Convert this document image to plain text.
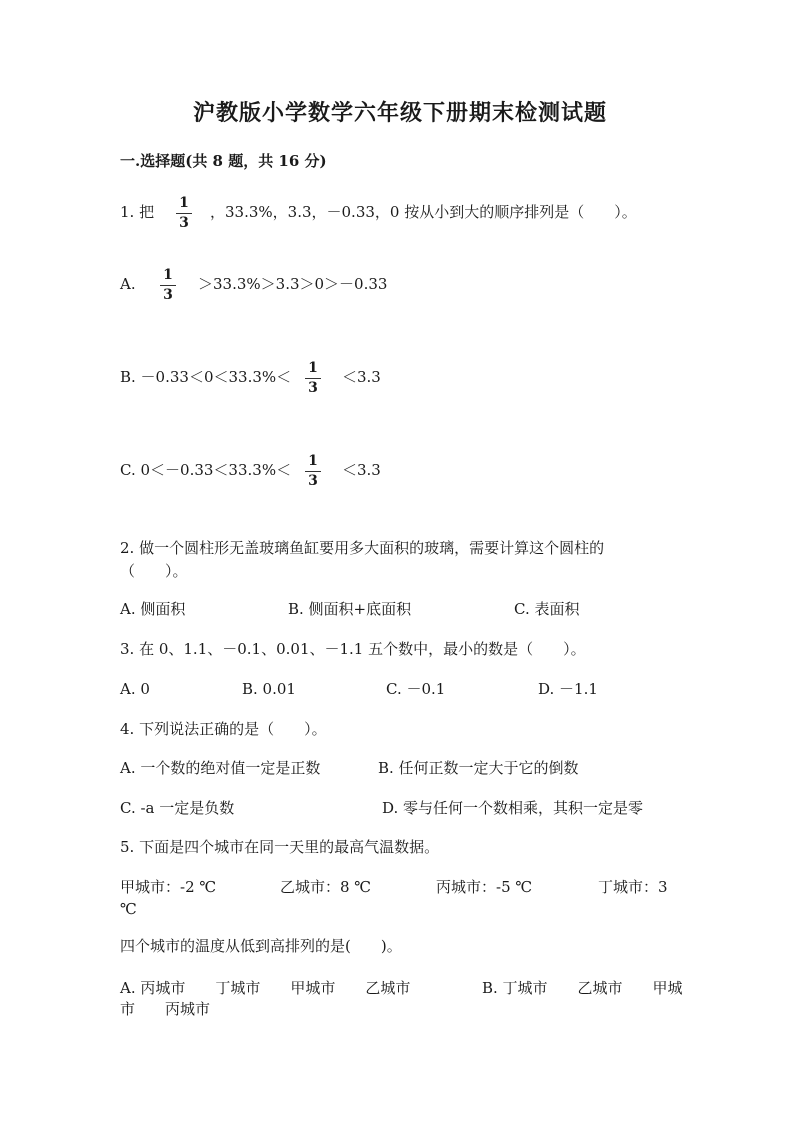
沪教版小学数学六年级下册期末检测试题
一.选择题(共 8 题，共 16 分)
1. 把 1
3
，33.3%，3.3，－0.33，0 按从小到大的顺序排列是（　　）。
A. 1
3
＞33.3%＞3.3＞0＞－0.33
B. －0.33＜0＜33.3%＜ 1
3
＜3.3
C. 0＜－0.33＜33.3%＜ 1
3
＜3.3
2. 做一个圆柱形无盖玻璃鱼缸要用多大面积的玻璃，需要计算这个圆柱的
（　　）。
A. 侧面积	B. 侧面积+底面积	C. 表面积
3. 在 0、1.1、－0.1、0.01、－1.1 五个数中，最小的数是（　　）。
A. 0	B. 0.01	C. －0.1	D. －1.1
4. 下列说法正确的是（　　）。
A. 一个数的绝对值一定是正数	B. 任何正数一定大于它的倒数
C. -a 一定是负数	D. 零与任何一个数相乘，其积一定是零
5. 下面是四个城市在同一天里的最高气温数据。
甲城市：-2 ℃	乙城市：8 ℃	丙城市：-5 ℃	丁城市：3
℃
四个城市的温度从低到高排列的是(　　)。
A. 丙城市　　丁城市　　甲城市　　乙城市	B. 丁城市　　乙城市　　甲城
市　　丙城市
